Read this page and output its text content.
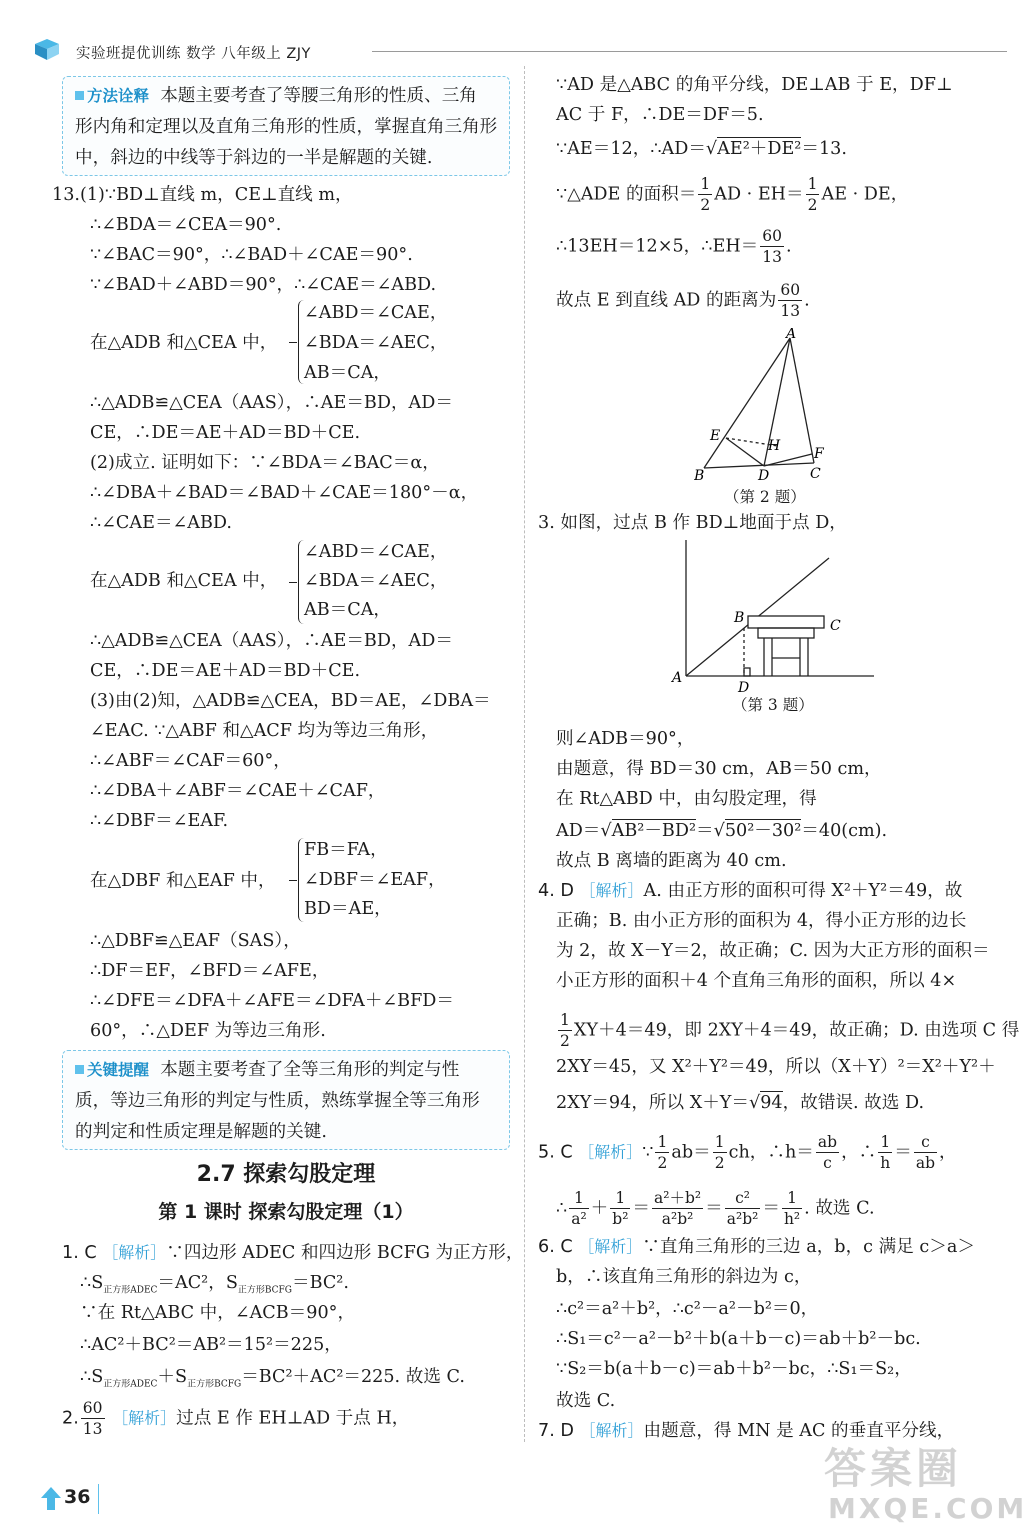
实验班提优训练 数学 八年级上 ZJY
方法诠释 本题主要考查了等腰三角形的性质、三角
形内角和定理以及直角三角形的性质，掌握直角三角形
中，斜边的中线等于斜边的一半是解题的关键.
13.(1)∵BD⊥直线 m，CE⊥直线 m，
∴∠BDA＝∠CEA＝90°.
∵∠BAC＝90°，∴∠BAD＋∠CAE＝90°.
∵∠BAD＋∠ABD＝90°，∴∠CAE＝∠ABD.
在△ADB 和△CEA 中，
∠ABD＝∠CAE，
∠BDA＝∠AEC，
AB＝CA，
∴△ADB≌△CEA（AAS），∴AE＝BD，AD＝
CE，∴DE＝AE＋AD＝BD＋CE.
(2)成立. 证明如下：∵∠BDA＝∠BAC＝α，
∴∠DBA＋∠BAD＝∠BAD＋∠CAE＝180°－α，
∴∠CAE＝∠ABD.
在△ADB 和△CEA 中，
∠ABD＝∠CAE，
∠BDA＝∠AEC，
AB＝CA，
∴△ADB≌△CEA（AAS），∴AE＝BD，AD＝
CE，∴DE＝AE＋AD＝BD＋CE.
(3)由(2)知，△ADB≌△CEA，BD＝AE，∠DBA＝
∠EAC. ∵△ABF 和△ACF 均为等边三角形，
∴∠ABF＝∠CAF＝60°，
∴∠DBA＋∠ABF＝∠CAE＋∠CAF，
∴∠DBF＝∠EAF.
在△DBF 和△EAF 中，
FB＝FA，
∠DBF＝∠EAF，
BD＝AE，
∴△DBF≌△EAF（SAS），
∴DF＝EF，∠BFD＝∠AFE，
∴∠DFE＝∠DFA＋∠AFE＝∠DFA＋∠BFD＝
60°，∴△DEF 为等边三角形.
关键提醒 本题主要考查了全等三角形的判定与性
质，等边三角形的判定与性质，熟练掌握全等三角形
的判定和性质定理是解题的关键.
2.7 探索勾股定理
第 1 课时 探索勾股定理（1）
1. C ［解析］∵四边形 ADEC 和四边形 BCFG 为正方形，
$\therefore S_{正方形ADEC}=AC^2$，$S_{正方形BCFG}=BC^2$.
∵在 Rt△ABC 中，∠ACB＝90°，
∴AC²＋BC²＝AB²＝15²＝225，
$\therefore S_{正方形ADEC}+S_{正方形BCFG}=BC^2+AC^2=225$. 故选 C.
2. $\frac{60}{13}$ ［解析］过点 E 作 EH⊥AD 于点 H，
∵AD 是△ABC 的角平分线，DE⊥AB 于 E，DF⊥
AC 于 F，∴DE＝DF＝5.
∵AE＝12，∴AD＝√AE²＋DE²＝13.
∵△ADE 的面积＝ $\frac{1}{2}$ AD · $EH= \frac{1}{2}$ AE · DE，
∴13EH＝12×5，∴EH＝ $\frac{60}{13}$ .
故点 E 到直线 AD 的距离为 $\frac{60}{13}$ .
A
B	C
D
E
F
H
（第 2 题）
3. 如图，过点 B 作 BD⊥地面于点 D，
A
B	C
D
（第 3 题）
则∠ADB＝90°，
由题意，得 BD＝30 cm，AB＝50 cm，
在 Rt△ABD 中，由勾股定理，得
AD＝√AB²－BD²＝√50²－30²＝40(cm).
故点 B 离墙的距离为 40 cm.
4. D ［解析］A. 由正方形的面积可得 X²＋Y²＝49，故
正确；B. 由小正方形的面积为 4，得小正方形的边长
为 2，故 X－Y＝2，故正确；C. 因为大正方形的面积＝
小正方形的面积＋4 个直角三角形的面积，所以 4×
$\frac{1}{2} XY+4=49$，即 2XY＋4＝49，故正确；D. 由选项 C 得
2XY＝45，又 X²＋Y²＝49，所以（X＋Y）²＝X²＋Y²＋
2XY＝94，所以 X＋Y＝√94，故错误. 故选 D.
5. C ［解析］∵ $\frac{1}{2} ab= \frac{1}{2}$ ch，∴h＝ $\frac{ab}{c}$ ，∴ $\frac{1}{h} = \frac{c}{ab}$ ，
∴ $\frac{1}{\text{a²}} + \frac{1}{\text{b²}} = \frac{\text{a²＋b²}}{\text{a²b²}} = \frac{\text{c²}}{\text{a²b²}} = \frac{1}{\text{h²}}$ . 故选 C.
6. C ［解析］∵直角三角形的三边 a，b，c 满足 c＞a＞
b，∴该直角三角形的斜边为 c，
∴c²＝a²＋b²，∴c²－a²－b²＝0，
∴S₁＝c²－a²－b²＋b(a＋b－c)＝ab＋b²－bc.
∵S₂＝b(a＋b－c)＝ab＋b²－bc，∴S₁＝S₂，
故选 C.
7. D ［解析］由题意，得 MN 是 AC 的垂直平分线，
36
答案圈
MXQE.COM
